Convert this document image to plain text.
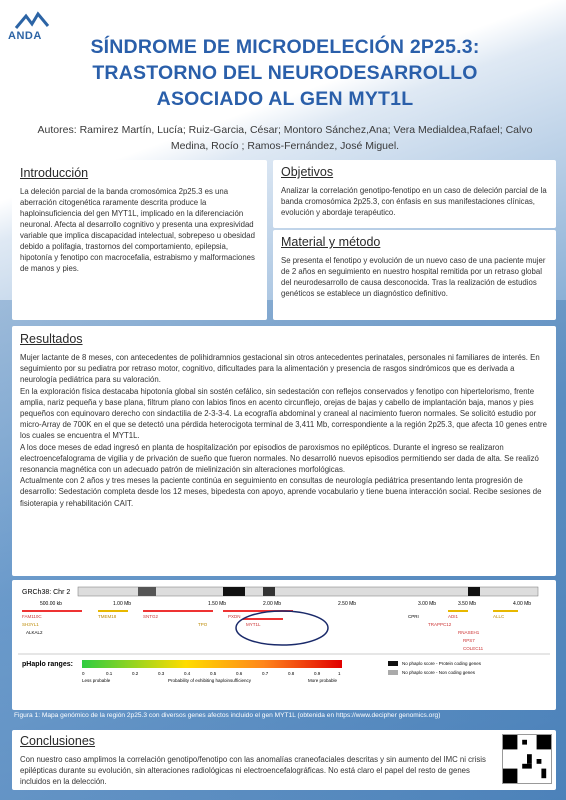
ANDA	SÍNDROME DE MICRODELECIÓN 2P25.3:
TRASTORNO DEL NEURODESARROLLO
ASOCIADO AL GEN MYT1L
Autores: Ramirez Martín, Lucía; Ruiz-Garcia, César; Montoro Sánchez,Ana; Vera Medialdea,Rafael; Calvo Medina, Rocío ; Ramos-Fernández, José Miguel.
Introducción
La deleción parcial de la banda cromosómica 2p25.3 es una aberración citogenética raramente descrita produce la haploinsuficiencia del gen MYT1L, implicado en la diferenciación neuronal. Afecta al desarrollo cognitivo y presenta una expresividad variable que implica discapacidad intelectual, sobrepeso u obesidad debido a polifagia, trastornos del comportamiento, epilepsia, hipotonía y fenotipo con macrocefalia, estrabismo y malformaciones de manos y pies.
Objetivos
Analizar la correlación genotipo-fenotipo en un caso de deleción parcial de la banda cromosómica 2p25.3, con énfasis en sus manifestaciones clínicas, evolución y abordaje terapéutico.
Material y método
Se presenta el fenotipo y evolución de un nuevo caso de una paciente mujer de 2 años en seguimiento en nuestro hospital remitida por un retraso global del neurodesarrollo de causa desconocida. Tras la realización de estudios genéticos se establece un diagnóstico definitivo.
Resultados
Mujer lactante de 8 meses, con antecedentes de polihidramnios gestacional sin otros antecedentes perinatales, personales ni familiares de interés. En seguimiento por su pediatra por retraso motor, cognitivo, dificultades para la alimentación y presencia de rasgos sindrómicos que es derivada a neurología pediátrica para su valoración.
En la exploración física destacaba hipotonía global sin sostén cefálico, sin sedestación con reflejos conservados y fenotipo con hipertelorismo, frente amplia, nariz pequeña y base plana, filtrum plano con labios finos en acento circunflejo, orejas de bajas y cabello de implantación baja, manos y pies pequeños con equinovaro derecho con sindactilia de 2-3-3-4. La ecografía abdominal y craneal al nacimiento fueron normales. Se solicitó estudio por micro-Array de 700K en el que se detectó una pérdida heterocigota terminal de 3,411 Mb, correspondiente a la región 2p25.3, que afecta 10 genes entre los cuales se encuentra el MYT1L.
A los doce meses de edad ingresó en planta de hospitalización por episodios de paroxismos no epilépticos. Durante el ingreso se realizaron electroencefalograma de vigilia y de privación de sueño que fueron normales. No desarrolló nuevos episodios permitiendo ser dada de alta. Se realizó resonancia magnética con un adecuado patrón de mielinización sin alteraciones morfológicas.
Actualmente con 2 años y tres meses la paciente continúa en seguimiento en consultas de neurología pediátrica presentando lenta progresión de desarrollo: Sedestación completa desde los 12 meses, bipedesta con apoyo, aprende vocabulario y tiene buena interacción social. Recibe sesiones de fisioterapia y rehabilitación CAIT.
GRCh38: Chr 2
500.00 kb	1.00 Mb	1.50 Mb	2.00 Mb	2.50 Mb	3.00 Mb	3.50 Mb	4.00 Mb
FAM110C
SH3YL1
ALKAL2
TMEM18	SNTG2
TPO
PXDN
MYT1L
CPRI
TRAPPC12
ADI1
RNASEH1
RPS7
COLEC11
ALLC
pHaplo ranges:
0	0.1	0.2	0.3	0.4	0.5	0.6	0.7	0.8	0.9	1
Less probable	Probability of exhibiting haploinsufficiency	More probable
No phaplo score - Protein coding genes
No phaplo score - Non coding genes
Figura 1: Mapa genómico de la región 2p25.3 con diversos genes afectos incluido el gen MYT1L (obtenida en https://www.decipher genomics.org)
Conclusiones
Con nuestro caso amplimos la correlación genotipo/fenotipo con las anomalías craneofaciales descritas y sin aumento del IMC ni crisis epilépticas durante su evolución, sin alteraciones radiológicas ni electroencefalográficas. No está claro el papel del resto de genes incluidos en la delección.
